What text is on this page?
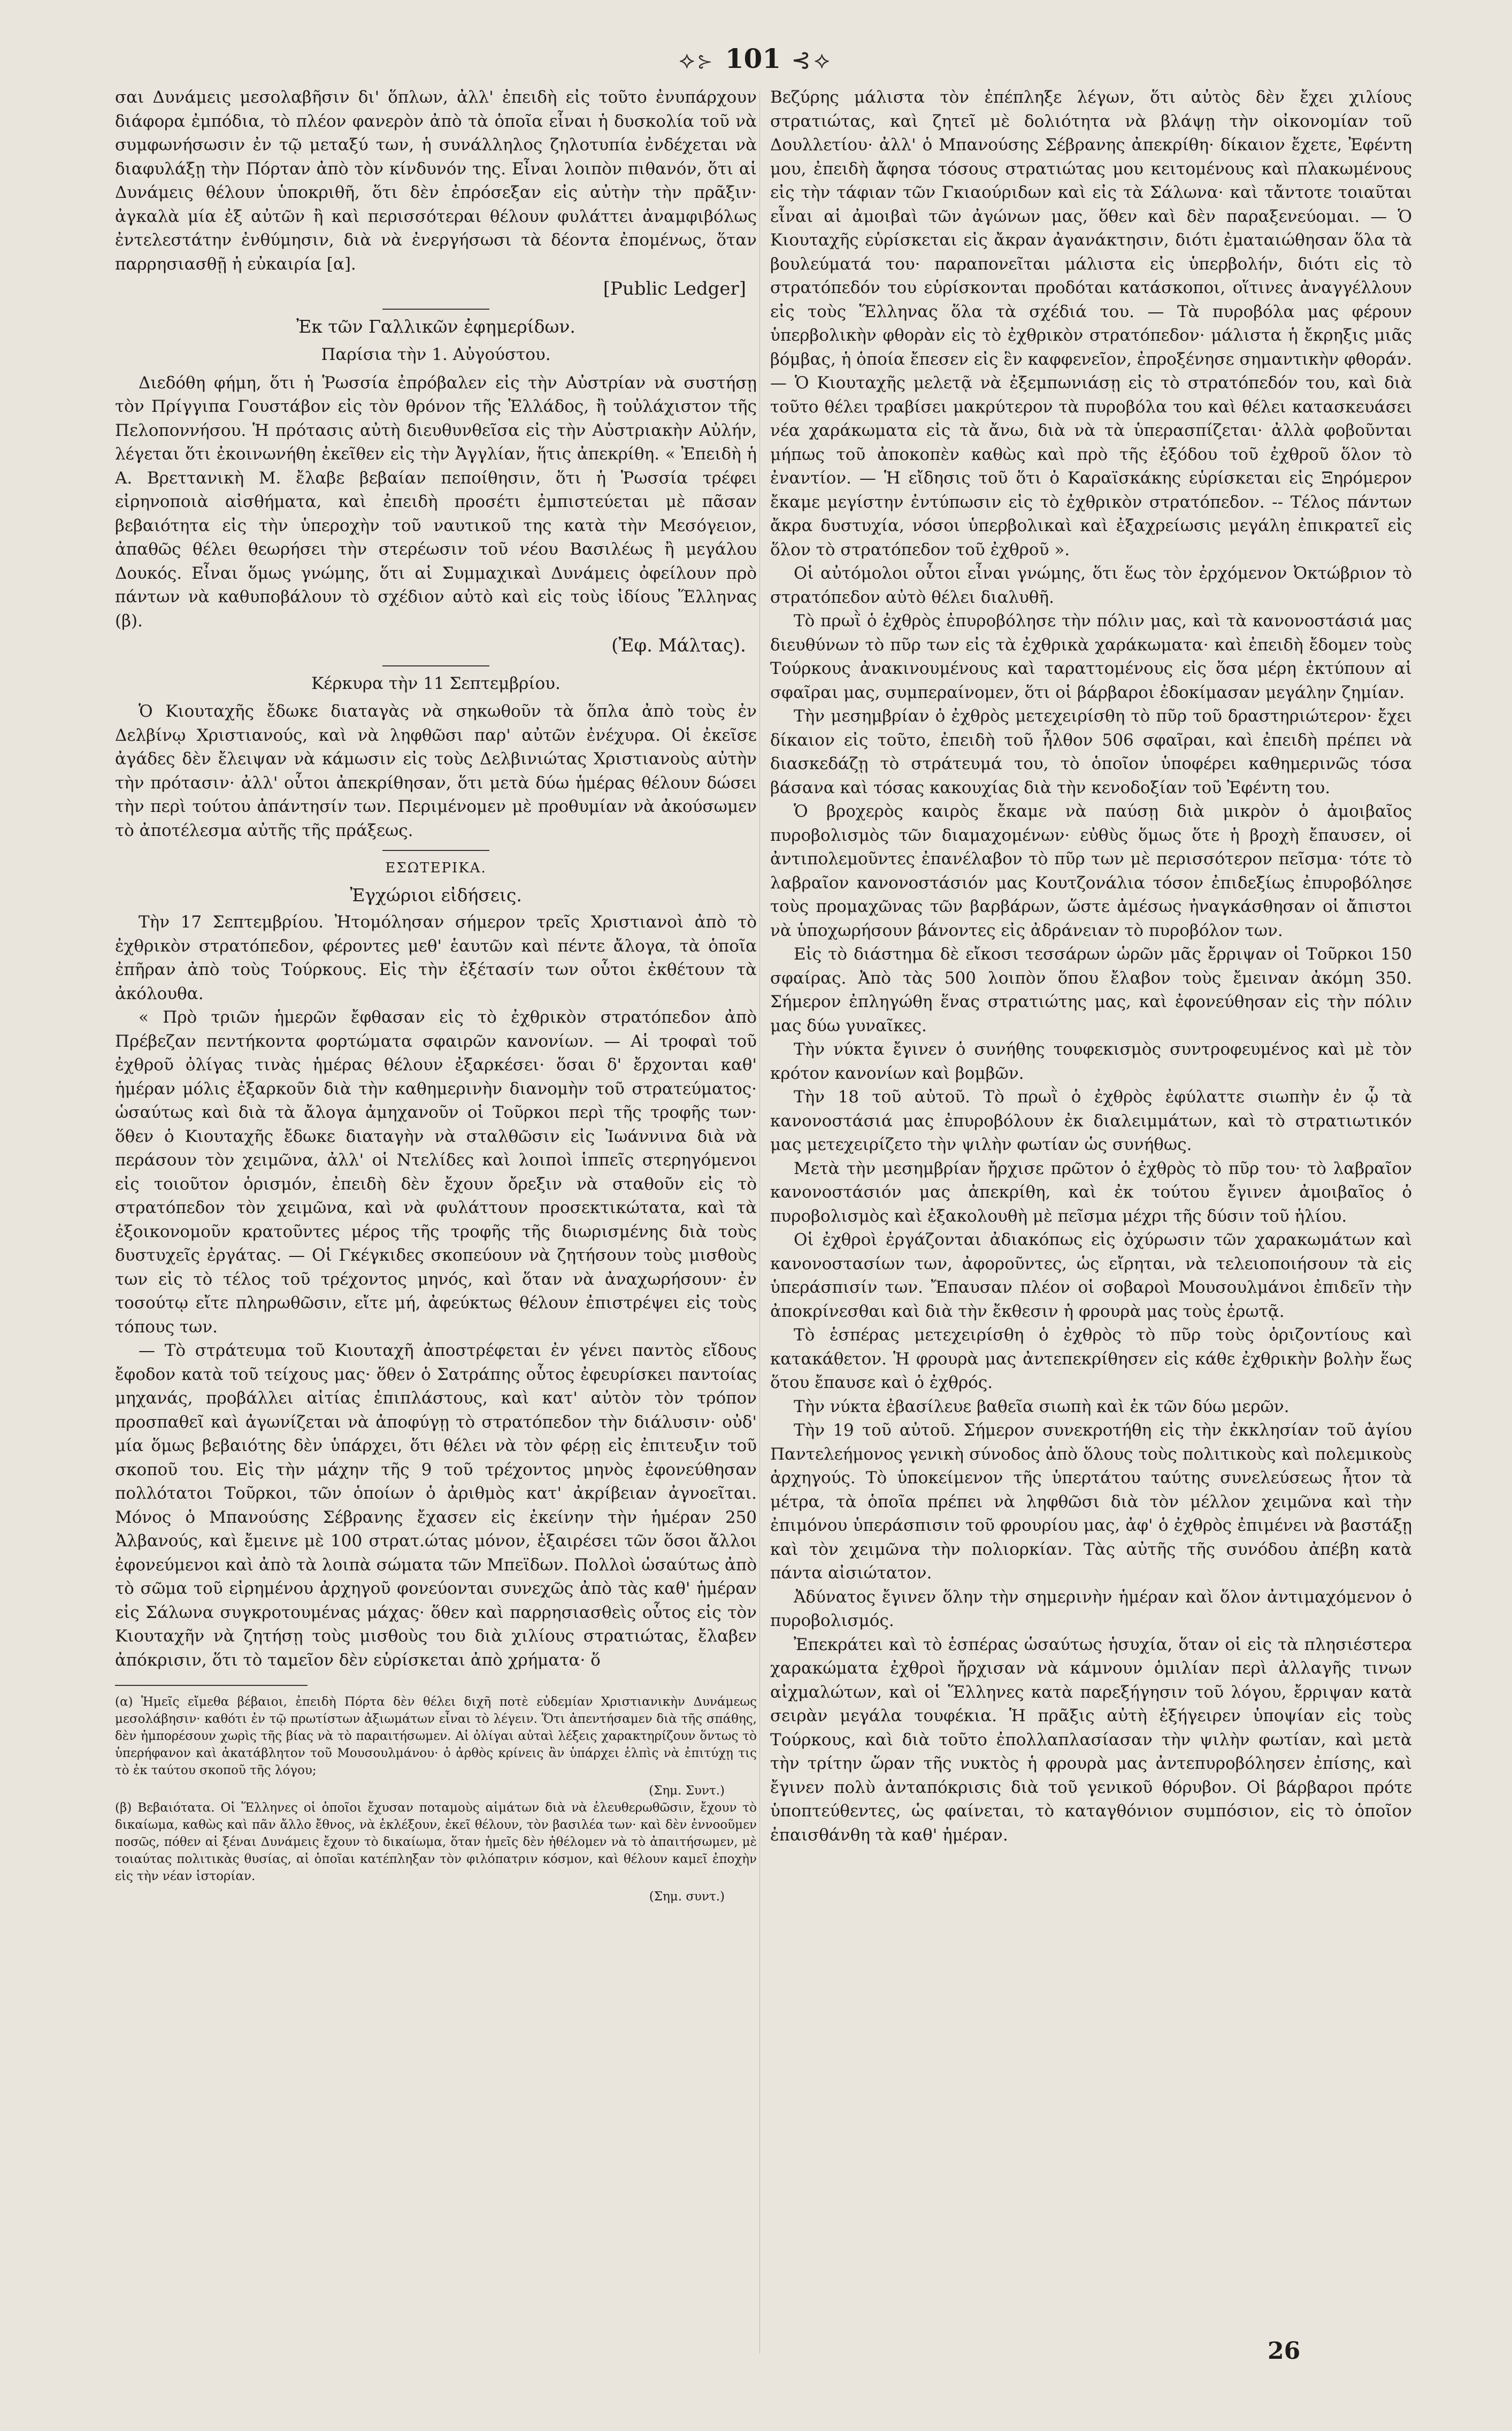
⟡⊱ 101 ⊰⟡

σαι Δυνάμεις μεσολαβῆσιν δι' ὅπλων, ἀλλ' ἐπειδὴ εἰς τοῦτο ἐνυπάρχουν διάφορα ἐμπόδια, τὸ πλέον φανερὸν ἀπὸ τὰ ὁποῖα εἶναι ἡ δυσκολία τοῦ νὰ συμφωνήσωσιν ἐν τῷ μεταξύ των, ἡ συνάλληλος ζηλοτυπία ἐνδέχεται νὰ διαφυλάξῃ τὴν Πόρταν ἀπὸ τὸν κίνδυνόν της. Εἶναι λοιπὸν πιθανόν, ὅτι αἱ Δυνάμεις θέλουν ὑποκριθῆ, ὅτι δὲν ἐπρόσεξαν εἰς αὐτὴν τὴν πρᾶξιν· ἀγκαλὰ μία ἐξ αὐτῶν ἢ καὶ περισσότεραι θέλουν φυλάττει ἀναμφιβόλως ἐντελεστάτην ἐνθύμησιν, διὰ νὰ ἐνεργήσωσι τὰ δέοντα ἐπομένως, ὅταν παρρησιασθῇ ἡ εὐκαιρία [α].

[Public Ledger]
Ἐκ τῶν Γαλλικῶν ἐφημερίδων.
Παρίσια τὴν 1. Αὐγούστου.

Διεδόθη φήμη, ὅτι ἡ Ῥωσσία ἐπρόβαλεν εἰς τὴν Αὐστρίαν νὰ συστήσῃ τὸν Πρίγγιπα Γουστάβον εἰς τὸν θρόνον τῆς Ἑλλάδος, ἢ τοὐλάχιστον τῆς Πελοποννήσου. Ἡ πρότασις αὐτὴ διευθυνθεῖσα εἰς τὴν Αὐστριακὴν Αὐλήν, λέγεται ὅτι ἐκοινωνήθη ἐκεῖθεν εἰς τὴν Ἀγγλίαν, ἥτις ἀπεκρίθη. « Ἐπειδὴ ἡ Α. Βρεττανικὴ Μ. ἔλαβε βεβαίαν πεποίθησιν, ὅτι ἡ Ῥωσσία τρέφει εἰρηνοποιὰ αἰσθήματα, καὶ ἐπειδὴ προσέτι ἐμπιστεύεται μὲ πᾶσαν βεβαιότητα εἰς τὴν ὑπεροχὴν τοῦ ναυτικοῦ της κατὰ τὴν Μεσόγειον, ἀπαθῶς θέλει θεωρήσει τὴν στερέωσιν τοῦ νέου Βασιλέως ἢ μεγάλου Δουκός. Εἶναι ὅμως γνώμης, ὅτι αἱ Συμμαχικαὶ Δυνάμεις ὀφείλουν πρὸ πάντων νὰ καθυποβάλουν τὸ σχέδιον αὐτὸ καὶ εἰς τοὺς ἰδίους Ἕλληνας (β).

(Ἐφ. Μάλτας).
Κέρκυρα τὴν 11 Σεπτεμβρίου.

Ὁ Κιουταχῆς ἔδωκε διαταγὰς νὰ σηκωθοῦν τὰ ὅπλα ἀπὸ τοὺς ἐν Δελβίνῳ Χριστιανούς, καὶ νὰ ληφθῶσι παρ' αὐτῶν ἐνέχυρα. Οἱ ἐκεῖσε ἀγάδες δὲν ἔλειψαν νὰ κάμωσιν εἰς τοὺς Δελβινιώτας Χριστιανοὺς αὐτὴν τὴν πρότασιν· ἀλλ' οὗτοι ἀπεκρίθησαν, ὅτι μετὰ δύω ἡμέρας θέλουν δώσει τὴν περὶ τούτου ἀπάντησίν των. Περιμένομεν μὲ προθυμίαν νὰ ἀκούσωμεν τὸ ἀποτέλεσμα αὐτῆς τῆς πράξεως.

ΕΣΩΤΕΡΙΚΑ.
Ἐγχώριοι εἰδήσεις.

Τὴν 17 Σεπτεμβρίου. Ἠτομόλησαν σήμερον τρεῖς Χριστιανοὶ ἀπὸ τὸ ἐχθρικὸν στρατόπεδον, φέροντες μεθ' ἑαυτῶν καὶ πέντε ἄλογα, τὰ ὁποῖα ἐπῆραν ἀπὸ τοὺς Τούρκους. Εἰς τὴν ἐξέτασίν των οὗτοι ἐκθέτουν τὰ ἀκόλουθα.

« Πρὸ τριῶν ἡμερῶν ἔφθασαν εἰς τὸ ἐχθρικὸν στρατόπεδον ἀπὸ Πρέβεζαν πεντήκοντα φορτώματα σφαιρῶν κανονίων. — Αἱ τροφαὶ τοῦ ἐχθροῦ ὀλίγας τινὰς ἡμέρας θέλουν ἐξαρκέσει· ὅσαι δ' ἔρχονται καθ' ἡμέραν μόλις ἐξαρκοῦν διὰ τὴν καθημερινὴν διανομὴν τοῦ στρατεύματος· ὡσαύτως καὶ διὰ τὰ ἄλογα ἀμηχανοῦν οἱ Τοῦρκοι περὶ τῆς τροφῆς των· ὅθεν ὁ Κιουταχῆς ἔδωκε διαταγὴν νὰ σταλθῶσιν εἰς Ἰωάννινα διὰ νὰ περάσουν τὸν χειμῶνα, ἀλλ' οἱ Ντελίδες καὶ λοιποὶ ἱππεῖς στερηγόμενοι εἰς τοιοῦτον ὁρισμόν, ἐπειδὴ δὲν ἔχουν ὄρεξιν νὰ σταθοῦν εἰς τὸ στρατόπεδον τὸν χειμῶνα, καὶ νὰ φυλάττουν προσεκτικώτατα, καὶ τὰ ἐξοικονομοῦν κρατοῦντες μέρος τῆς τροφῆς τῆς διωρισμένης διὰ τοὺς δυστυχεῖς ἐργάτας. — Οἱ Γκέγκιδες σκοπεύουν νὰ ζητήσουν τοὺς μισθοὺς των εἰς τὸ τέλος τοῦ τρέχοντος μηνός, καὶ ὅταν νὰ ἀναχωρήσουν· ἐν τοσούτῳ εἴτε πληρωθῶσιν, εἴτε μή, ἀφεύκτως θέλουν ἐπιστρέψει εἰς τοὺς τόπους των.

— Τὸ στράτευμα τοῦ Κιουταχῆ ἀποστρέφεται ἐν γένει παντὸς εἴδους ἔφοδον κατὰ τοῦ τείχους μας· ὅθεν ὁ Σατράπης οὗτος ἐφευρίσκει παντοίας μηχανάς, προβάλλει αἰτίας ἐπιπλάστους, καὶ κατ' αὐτὸν τὸν τρόπον προσπαθεῖ καὶ ἀγωνίζεται νὰ ἀποφύγῃ τὸ στρατόπεδον τὴν διάλυσιν· οὐδ' μία ὅμως βεβαιότης δὲν ὑπάρχει, ὅτι θέλει νὰ τὸν φέρῃ εἰς ἐπιτευξιν τοῦ σκοποῦ του. Εἰς τὴν μάχην τῆς 9 τοῦ τρέχοντος μηνὸς ἐφονεύθησαν πολλότατοι Τοῦρκοι, τῶν ὁποίων ὁ ἀριθμὸς κατ' ἀκρίβειαν ἀγνοεῖται. Μόνος ὁ Μπανούσης Σέβρανης ἔχασεν εἰς ἐκείνην τὴν ἡμέραν 250 Ἀλβανούς, καὶ ἔμεινε μὲ 100 στρατ.ώτας μόνον, ἐξαιρέσει τῶν ὅσοι ἄλλοι ἐφονεύμενοι καὶ ἀπὸ τὰ λοιπὰ σώματα τῶν Μπεϊδων. Πολλοὶ ὡσαύτως ἀπὸ τὸ σῶμα τοῦ εἰρημένου ἀρχηγοῦ φονεύονται συνεχῶς ἀπὸ τὰς καθ' ἡμέραν εἰς Σάλωνα συγκροτουμένας μάχας· ὅθεν καὶ παρρησιασθεὶς οὗτος εἰς τὸν Κιουταχῆν νὰ ζητήσῃ τοὺς μισθοὺς του διὰ χιλίους στρατιώτας, ἔλαβεν ἀπόκρισιν, ὅτι τὸ ταμεῖον δὲν εὑρίσκεται ἀπὸ χρήματα· ὅ

(α) Ἡμεῖς εἴμεθα βέβαιοι, ἐπειδὴ Πόρτα δὲν θέλει διχῆ ποτὲ εὐδεμίαν Χριστιανικὴν Δυνάμεως μεσολάβησιν· καθότι ἐν τῷ πρωτίστων ἀξιωμάτων εἶναι τὸ λέγειν. Ὅτι ἀπεντήσαμεν διὰ τῆς σπάθης, δὲν ἠμπορέσουν χωρὶς τῆς βίας νὰ τὸ παραιτήσωμεν. Αἱ ὀλίγαι αὐταὶ λέξεις χαρακτηρίζουν ὅντως τὸ ὑπερήφανον καὶ ἀκατάβλητον τοῦ Μουσουλμάνου· ὁ ἀρθὸς κρίνεις ἂν ὑπάρχει ἐλπὶς νὰ ἐπιτύχῃ τις τὸ ἐκ ταύτου σκοποῦ τῆς λόγου;

(Σημ. Συντ.)

(β) Βεβαιότατα. Οἱ Ἕλληνες οἱ ὁποῖοι ἔχυσαν ποταμοὺς αἱμάτων διὰ νὰ ἐλευθερωθῶσιν, ἔχουν τὸ δικαίωμα, καθὼς καὶ πᾶν ἄλλο ἔθνος, νὰ ἐκλέξουν, ἐκεῖ θέλουν, τὸν βασιλέα των· καὶ δὲν ἐννοοῦμεν ποσῶς, πόθεν αἱ ξέναι Δυνάμεις ἔχουν τὸ δικαίωμα, ὅταν ἡμεῖς δὲν ἠθέλομεν νὰ τὸ ἀπαιτήσωμεν, μὲ τοιαύτας πολιτικὰς θυσίας, αἱ ὁποῖαι κατέπληξαν τὸν φιλόπατριν κόσμον, καὶ θέλουν καμεῖ ἐποχὴν εἰς τὴν νέαν ἱστορίαν.

(Σημ. συντ.)

Βεζύρης μάλιστα τὸν ἐπέπληξε λέγων, ὅτι αὐτὸς δὲν ἔχει χιλίους στρατιώτας, καὶ ζητεῖ μὲ δολιότητα νὰ βλάψῃ τὴν οἰκονομίαν τοῦ Δουλλετίου· ἀλλ' ὁ Μπανούσης Σέβρανης ἀπεκρίθη· δίκαιον ἔχετε, Ἐφέντη μου, ἐπειδὴ ἄφησα τόσους στρατιώτας μου κειτομένους καὶ πλακωμένους εἰς τὴν τάφιαν τῶν Γκιαούριδων καὶ εἰς τὰ Σάλωνα· καὶ τἄντοτε τοιαῦται εἶναι αἱ ἀμοιβαὶ τῶν ἀγώνων μας, ὅθεν καὶ δὲν παραξενεύομαι. — Ὁ Κιουταχῆς εὑρίσκεται εἰς ἄκραν ἀγανάκτησιν, διότι ἐματαιώθησαν ὅλα τὰ βουλεύματά του· παραπονεῖται μάλιστα εἰς ὑπερβολήν, διότι εἰς τὸ στρατόπεδόν του εὑρίσκονται προδόται κατάσκοποι, οἵτινες ἀναγγέλλουν εἰς τοὺς Ἕλληνας ὅλα τὰ σχέδιά του. — Τὰ πυροβόλα μας φέρουν ὑπερβολικὴν φθορὰν εἰς τὸ ἐχθρικὸν στρατόπεδον· μάλιστα ἡ ἔκρηξις μιᾶς βόμβας, ἡ ὁποία ἔπεσεν εἰς ἓν καφφενεῖον, ἐπροξένησε σημαντικὴν φθοράν. — Ὁ Κιουταχῆς μελετᾷ νὰ ἐξεμπωνιάσῃ εἰς τὸ στρατόπεδόν του, καὶ διὰ τοῦτο θέλει τραβίσει μακρύτερον τὰ πυροβόλα του καὶ θέλει κατασκευάσει νέα χαράκωματα εἰς τὰ ἄνω, διὰ νὰ τὰ ὑπερασπίζεται· ἀλλὰ φοβοῦνται μήπως τοῦ ἀποκοπὲν καθὼς καὶ πρὸ τῆς ἐξόδου τοῦ ἐχθροῦ ὅλον τὸ ἐναντίον. — Ἡ εἴδησις τοῦ ὅτι ὁ Καραϊσκάκης εὑρίσκεται εἰς Ξηρόμερον ἔκαμε μεγίστην ἐντύπωσιν εἰς τὸ ἐχθρικὸν στρατόπεδον. -- Τέλος πάντων ἄκρα δυστυχία, νόσοι ὑπερβολικαὶ καὶ ἐξαχρείωσις μεγάλη ἐπικρατεῖ εἰς ὅλον τὸ στρατόπεδον τοῦ ἐχθροῦ ».

Οἱ αὐτόμολοι οὗτοι εἶναι γνώμης, ὅτι ἕως τὸν ἐρχόμενον Ὀκτώβριον τὸ στρατόπεδον αὐτὸ θέλει διαλυθῆ.

Τὸ πρωῒ ὁ ἐχθρὸς ἐπυροβόλησε τὴν πόλιν μας, καὶ τὰ κανονοστάσιά μας διευθύνων τὸ πῦρ των εἰς τὰ ἐχθρικὰ χαράκωματα· καὶ ἐπειδὴ ἔδομεν τοὺς Τούρκους ἀνακινουμένους καὶ ταραττομένους εἰς ὅσα μέρη ἐκτύπουν αἱ σφαῖραι μας, συμπεραίνομεν, ὅτι οἱ βάρβαροι ἐδοκίμασαν μεγάλην ζημίαν.

Τὴν μεσημβρίαν ὁ ἐχθρὸς μετεχειρίσθη τὸ πῦρ τοῦ δραστηριώτερον· ἔχει δίκαιον εἰς τοῦτο, ἐπειδὴ τοῦ ἦλθον 506 σφαῖραι, καὶ ἐπειδὴ πρέπει νὰ διασκεδάζῃ τὸ στράτευμά του, τὸ ὁποῖον ὑποφέρει καθημερινῶς τόσα βάσανα καὶ τόσας κακουχίας διὰ τὴν κενοδοξίαν τοῦ Ἐφέντη του.

Ὁ βροχερὸς καιρὸς ἔκαμε νὰ παύσῃ διὰ μικρὸν ὁ ἀμοιβαῖος πυροβολισμὸς τῶν διαμαχομένων· εὐθὺς ὅμως ὅτε ἡ βροχὴ ἔπαυσεν, οἱ ἀντιπολεμοῦντες ἐπανέλαβον τὸ πῦρ των μὲ περισσότερον πεῖσμα· τότε τὸ λαβραῖον κανονοστάσιόν μας Κουτζονάλια τόσον ἐπιδεξίως ἐπυροβόλησε τοὺς προμαχῶνας τῶν βαρβάρων, ὥστε ἀμέσως ἠναγκάσθησαν οἱ ἄπιστοι νὰ ὑποχωρήσουν βάνοντες εἰς ἀδράνειαν τὸ πυροβόλον των.

Εἰς τὸ διάστημα δὲ εἴκοσι τεσσάρων ὡρῶν μᾶς ἔρριψαν οἱ Τοῦρκοι 150 σφαίρας. Ἀπὸ τὰς 500 λοιπὸν ὅπου ἔλαβον τοὺς ἔμειναν ἀκόμη 350. Σήμερον ἐπληγώθη ἕνας στρατιώτης μας, καὶ ἐφονεύθησαν εἰς τὴν πόλιν μας δύω γυναῖκες.

Τὴν νύκτα ἔγινεν ὁ συνήθης τουφεκισμὸς συντροφευμένος καὶ μὲ τὸν κρότον κανονίων καὶ βομβῶν.

Τὴν 18 τοῦ αὐτοῦ. Τὸ πρωῒ ὁ ἐχθρὸς ἐφύλαττε σιωπὴν ἐν ᾧ τὰ κανονοστάσιά μας ἐπυροβόλουν ἐκ διαλειμμάτων, καὶ τὸ στρατιωτικόν μας μετεχειρίζετο τὴν ψιλὴν φωτίαν ὡς συνήθως.

Μετὰ τὴν μεσημβρίαν ἤρχισε πρῶτον ὁ ἐχθρὸς τὸ πῦρ του· τὸ λαβραῖον κανονοστάσιόν μας ἀπεκρίθη, καὶ ἐκ τούτου ἔγινεν ἀμοιβαῖος ὁ πυροβολισμὸς καὶ ἐξακολουθὴ μὲ πεῖσμα μέχρι τῆς δύσιν τοῦ ἡλίου.

Οἱ ἐχθροὶ ἐργάζονται ἀδιακόπως εἰς ὀχύρωσιν τῶν χαρακωμάτων καὶ κανονοστασίων των, ἀφοροῦντες, ὡς εἴρηται, νὰ τελειοποιήσουν τὰ εἰς ὑπεράσπισίν των. Ἔπαυσαν πλέον οἱ σοβαροὶ Μουσουλμάνοι ἐπιδεῖν τὴν ἀποκρίνεσθαι καὶ διὰ τὴν ἔκθεσιν ἡ φρουρὰ μας τοὺς ἐρωτᾷ.

Τὸ ἑσπέρας μετεχειρίσθη ὁ ἐχθρὸς τὸ πῦρ τοὺς ὁριζοντίους καὶ κατακάθετον. Ἡ φρουρὰ μας ἀντεπεκρίθησεν εἰς κάθε ἐχθρικὴν βολὴν ἕως ὅτου ἔπαυσε καὶ ὁ ἐχθρός.

Τὴν νύκτα ἐβασίλευε βαθεῖα σιωπὴ καὶ ἐκ τῶν δύω μερῶν.

Τὴν 19 τοῦ αὐτοῦ. Σήμερον συνεκροτήθη εἰς τὴν ἐκκλησίαν τοῦ ἁγίου Παντελεήμονος γενικὴ σύνοδος ἀπὸ ὅλους τοὺς πολιτικοὺς καὶ πολεμικοὺς ἀρχηγούς. Τὸ ὑποκείμενον τῆς ὑπερτάτου ταύτης συνελεύσεως ἦτον τὰ μέτρα, τὰ ὁποῖα πρέπει νὰ ληφθῶσι διὰ τὸν μέλλον χειμῶνα καὶ τὴν ἐπιμόνου ὑπεράσπισιν τοῦ φρουρίου μας, ἀφ' ὁ ἐχθρὸς ἐπιμένει νὰ βαστάξῃ καὶ τὸν χειμῶνα τὴν πολιορκίαν. Τὰς αὐτῆς τῆς συνόδου ἀπέβη κατὰ πάντα αἰσιώτατον.

Ἀδύνατος ἔγινεν ὅλην τὴν σημερινὴν ἡμέραν καὶ ὅλον ἀντιμαχόμενον ὁ πυροβολισμός.

Ἐπεκράτει καὶ τὸ ἑσπέρας ὡσαύτως ἡσυχία, ὅταν οἱ εἰς τὰ πλησιέστερα χαρακώματα ἐχθροὶ ἤρχισαν νὰ κάμνουν ὁμιλίαν περὶ ἀλλαγῆς τινων αἰχμαλώτων, καὶ οἱ Ἕλληνες κατὰ παρεξήγησιν τοῦ λόγου, ἔρριψαν κατὰ σειρὰν μεγάλα τουφέκια. Ἡ πρᾶξις αὐτὴ ἐξήγειρεν ὑποψίαν εἰς τοὺς Τούρκους, καὶ διὰ τοῦτο ἐπολλαπλασίασαν τὴν ψιλὴν φωτίαν, καὶ μετὰ τὴν τρίτην ὥραν τῆς νυκτὸς ἡ φρουρὰ μας ἀντεπυροβόλησεν ἐπίσης, καὶ ἔγινεν πολὺ ἀνταπόκρισις διὰ τοῦ γενικοῦ θόρυβον. Οἱ βάρβαροι πρότε ὑποπτεύθεντες, ὡς φαίνεται, τὸ καταγθόνιον συμπόσιον, εἰς τὸ ὁποῖον ἐπαισθάνθη τὰ καθ' ἡμέραν.

26
